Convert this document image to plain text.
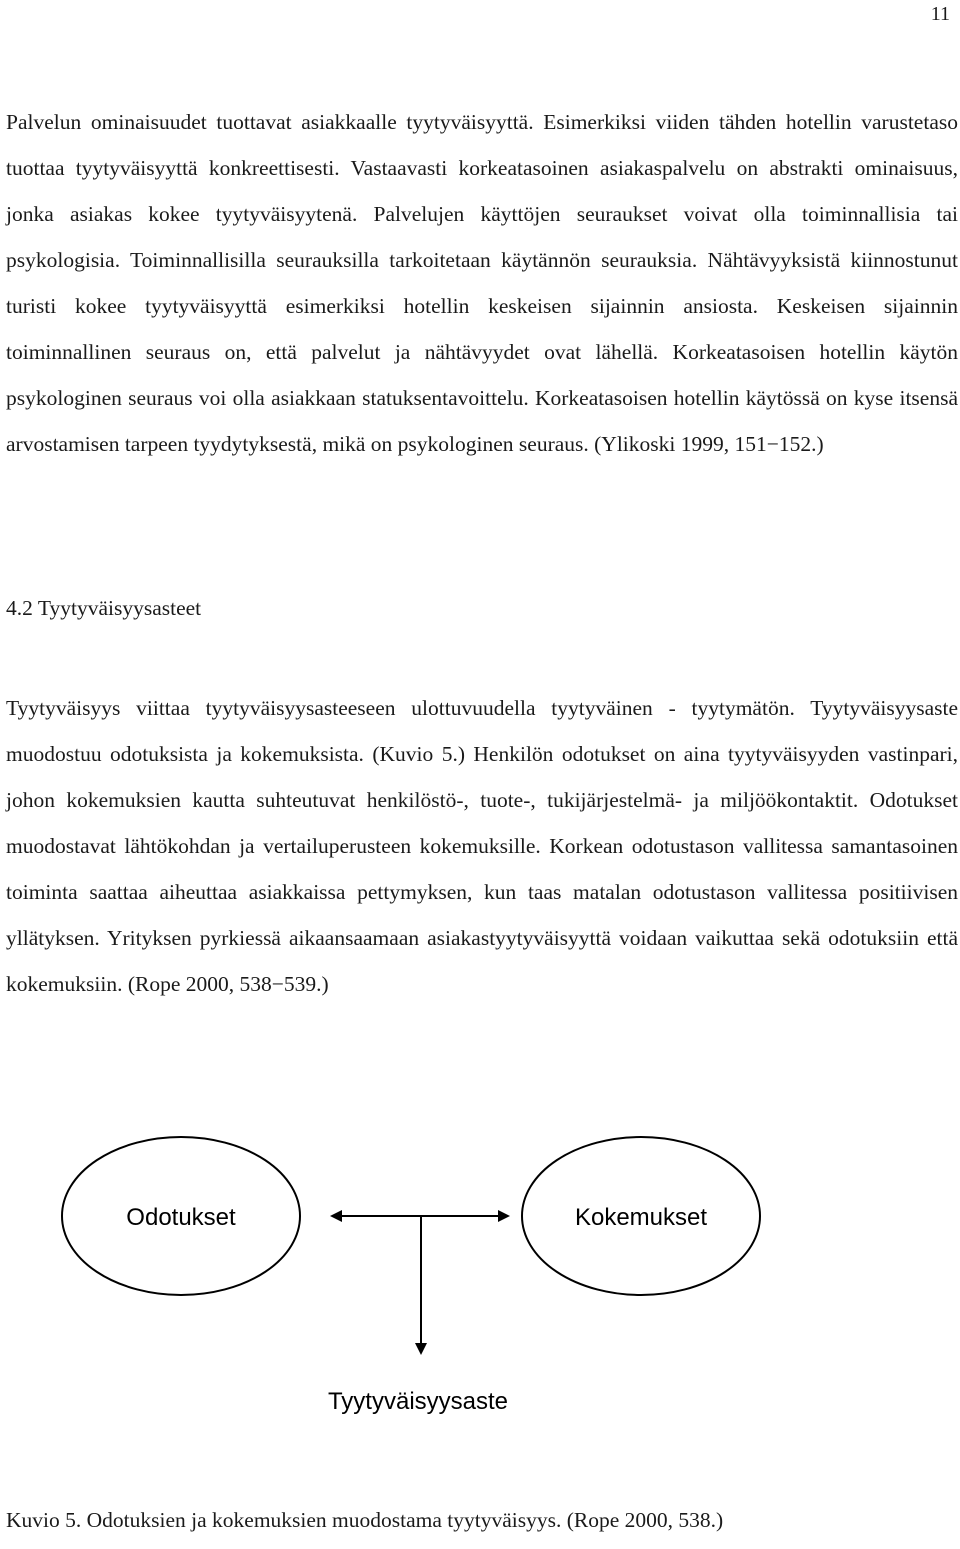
11

Palvelun ominaisuudet tuottavat asiakkaalle tyytyväisyyttä. Esimerkiksi viiden tähden hotellin varustetaso tuottaa tyytyväisyyttä konkreettisesti. Vastaavasti korkeatasoinen asiakaspalvelu on abstrakti ominaisuus, jonka asiakas kokee tyytyväisyytenä. Palvelujen käyttöjen seuraukset voivat olla toiminnallisia tai psykologisia. Toiminnallisilla seurauksilla tarkoitetaan käytännön seurauksia. Nähtävyyksistä kiinnostunut turisti kokee tyytyväisyyttä esimerkiksi hotellin keskeisen sijainnin ansiosta. Keskeisen sijainnin toiminnallinen seuraus on, että palvelut ja nähtävyydet ovat lähellä. Korkeatasoisen hotellin käytön psykologinen seuraus voi olla asiakkaan statuksentavoittelu. Korkeatasoisen hotellin käytössä on kyse itsensä arvostamisen tarpeen tyydytyksestä, mikä on psykologinen seuraus. (Ylikoski 1999, 151−152.)

4.2 Tyytyväisyysasteet

Tyytyväisyys viittaa tyytyväisyysasteeseen ulottuvuudella tyytyväinen - tyytymätön. Tyytyväisyysaste muodostuu odotuksista ja kokemuksista. (Kuvio 5.) Henkilön odotukset on aina tyytyväisyyden vastinpari, johon kokemuksien kautta suhteutuvat henkilöstö-, tuote-, tukijärjestelmä- ja miljöökontaktit. Odotukset muodostavat lähtökohdan ja vertailuperusteen kokemuksille. Korkean odotustason vallitessa samantasoinen toiminta saattaa aiheuttaa asiakkaissa pettymyksen, kun taas matalan odotustason vallitessa positiivisen yllätyksen. Yrityksen pyrkiessä aikaansaamaan asiakastyytyväisyyttä voidaan vaikuttaa sekä odotuksiin että kokemuksiin. (Rope 2000, 538−539.)

Odotukset	Kokemukset
Tyytyväisyysaste

Kuvio 5. Odotuksien ja kokemuksien muodostama tyytyväisyys. (Rope 2000, 538.)
